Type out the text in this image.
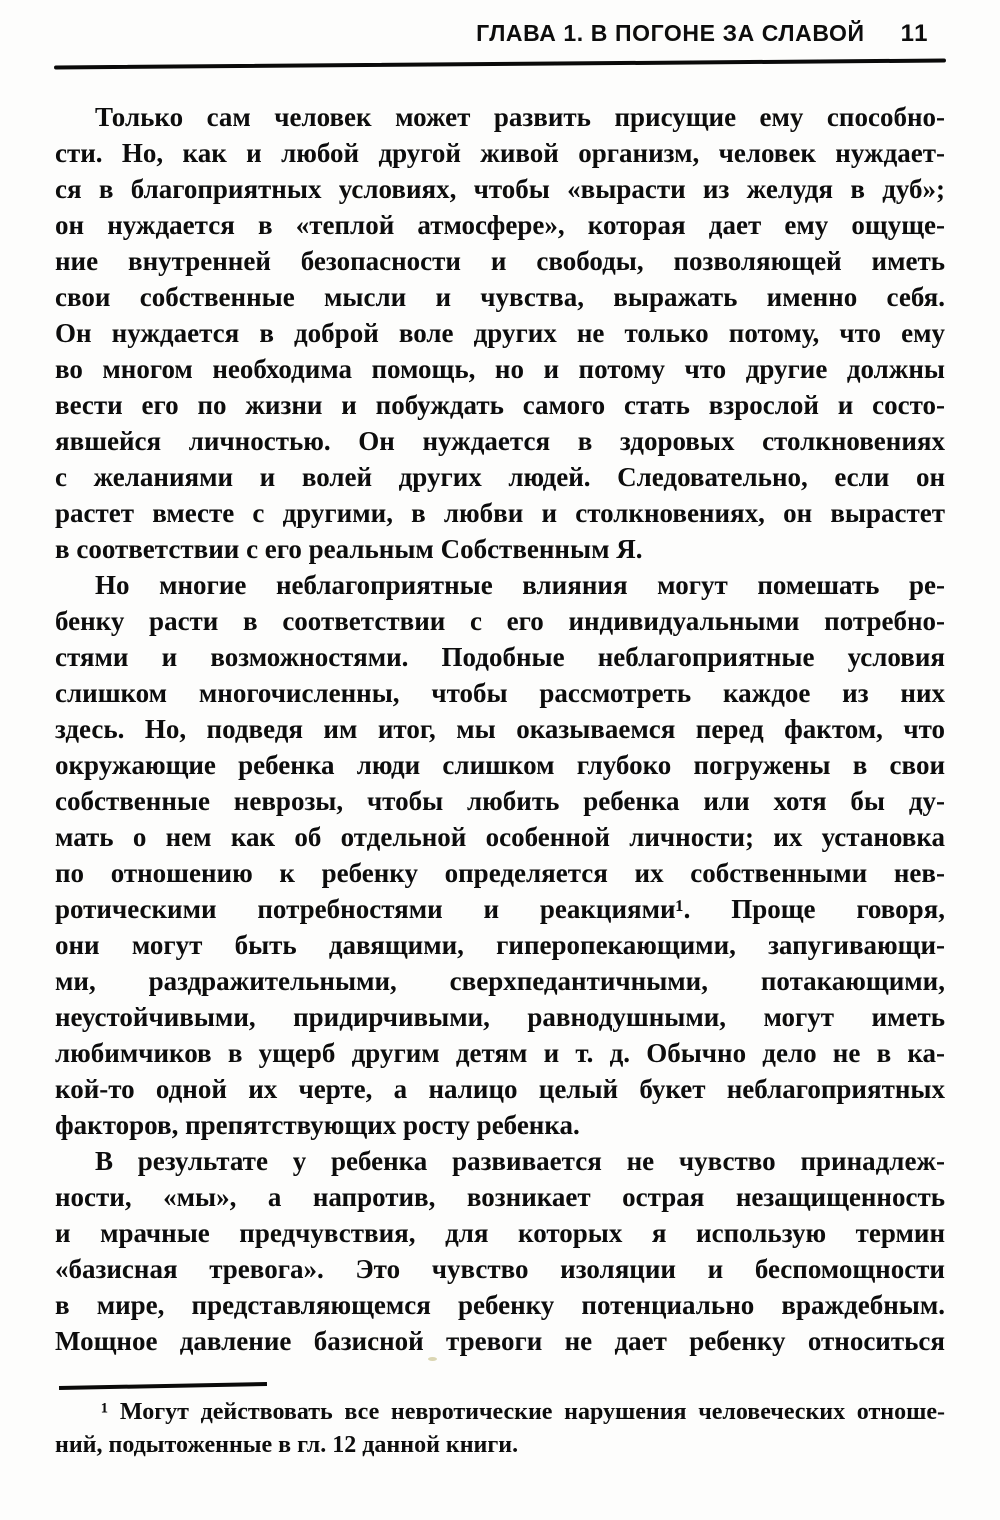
ГЛАВА 1. В ПОГОНЕ ЗА СЛАВОЙ 11
Только сам человек может развить присущие ему способно-
сти. Но, как и любой другой живой организм, человек нуждает-
ся в благоприятных условиях, чтобы «вырасти из желудя в дуб»;
он нуждается в «теплой атмосфере», которая дает ему ощуще-
ние внутренней безопасности и свободы, позволяющей иметь
свои собственные мысли и чувства, выражать именно себя.
Он нуждается в доброй воле других не только потому, что ему
во многом необходима помощь, но и потому что другие должны
вести его по жизни и побуждать самого стать взрослой и состо-
явшейся личностью. Он нуждается в здоровых столкновениях
с желаниями и волей других людей. Следовательно, если он
растет вместе с другими, в любви и столкновениях, он вырастет
в соответствии с его реальным Собственным Я.
Но многие неблагоприятные влияния могут помешать ре-
бенку расти в соответствии с его индивидуальными потребно-
стями и возможностями. Подобные неблагоприятные условия
слишком многочисленны, чтобы рассмотреть каждое из них
здесь. Но, подведя им итог, мы оказываемся перед фактом, что
окружающие ребенка люди слишком глубоко погружены в свои
собственные неврозы, чтобы любить ребенка или хотя бы ду-
мать о нем как об отдельной особенной личности; их установка
по отношению к ребенку определяется их собственными нев-
ротическими потребностями и реакциями¹. Проще говоря,
они могут быть давящими, гиперопекающими, запугивающи-
ми, раздражительными, сверхпедантичными, потакающими,
неустойчивыми, придирчивыми, равнодушными, могут иметь
любимчиков в ущерб другим детям и т. д. Обычно дело не в ка-
кой-то одной их черте, а налицо целый букет неблагоприятных
факторов, препятствующих росту ребенка.
В результате у ребенка развивается не чувство принадлеж-
ности, «мы», а напротив, возникает острая незащищенность
и мрачные предчувствия, для которых я использую термин
«базисная тревога». Это чувство изоляции и беспомощности
в мире, представляющемся ребенку потенциально враждебным.
Мощное давление базисной тревоги не дает ребенку относиться
¹ Могут действовать все невротические нарушения человеческих отноше-
ний, подытоженные в гл. 12 данной книги.
